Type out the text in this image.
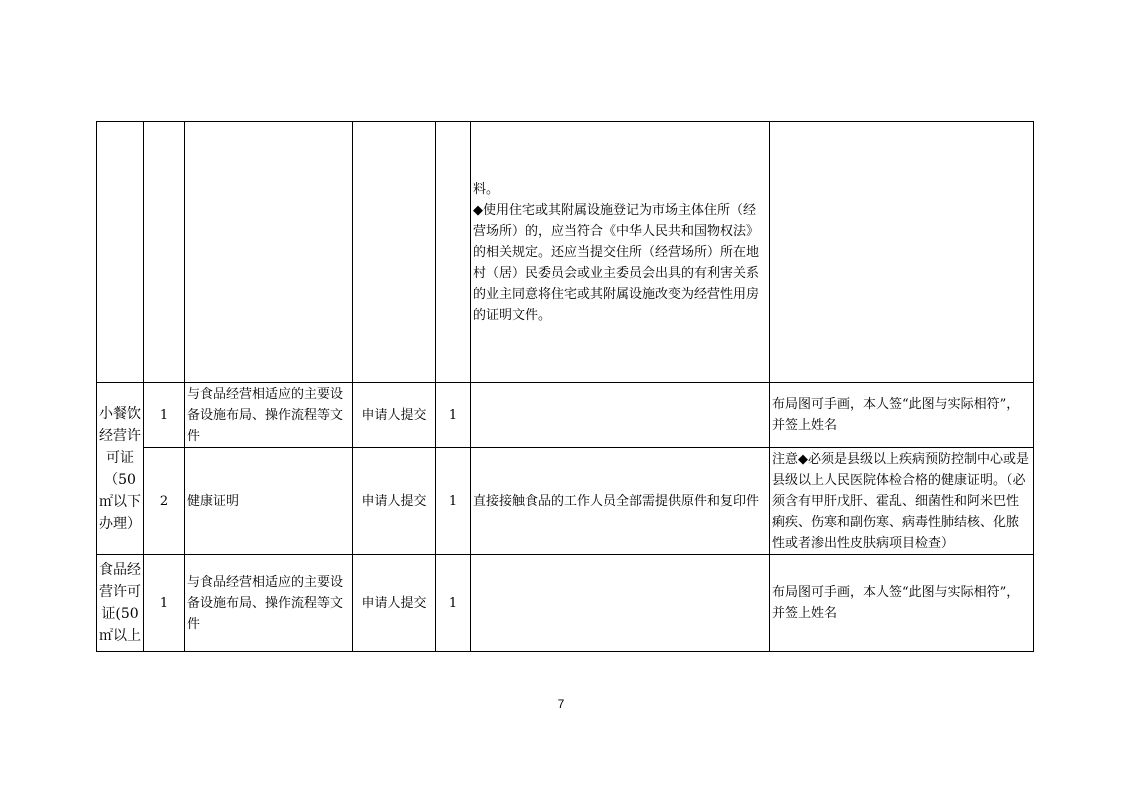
					料。
◆使用住宅或其附属设施登记为市场主体住所（经营场所）的，应当符合《中华人民共和国物权法》的相关规定。还应当提交住所（经营场所）所在地村（居）民委员会或业主委员会出具的有利害关系的业主同意将住宅或其附属设施改变为经营性用房的证明文件。	

小餐饮经营许可证（50㎡以下办理）	1	与食品经营相适应的主要设备设施布局、操作流程等文件	申请人提交	1		布局图可手画，本人签“此图与实际相符”，并签上姓名
	2	健康证明	申请人提交	1	直接接触食品的工作人员全部需提供原件和复印件	注意◆必须是县级以上疾病预防控制中心或是县级以上人民医院体检合格的健康证明。（必须含有甲肝戊肝、霍乱、细菌性和阿米巴性痢疾、伤寒和副伤寒、病毒性肺结核、化脓性或者渗出性皮肤病项目检查）
食品经营许可证(50㎡以上	1	与食品经营相适应的主要设备设施布局、操作流程等文件	申请人提交	1		布局图可手画，本人签“此图与实际相符”，并签上姓名
7
